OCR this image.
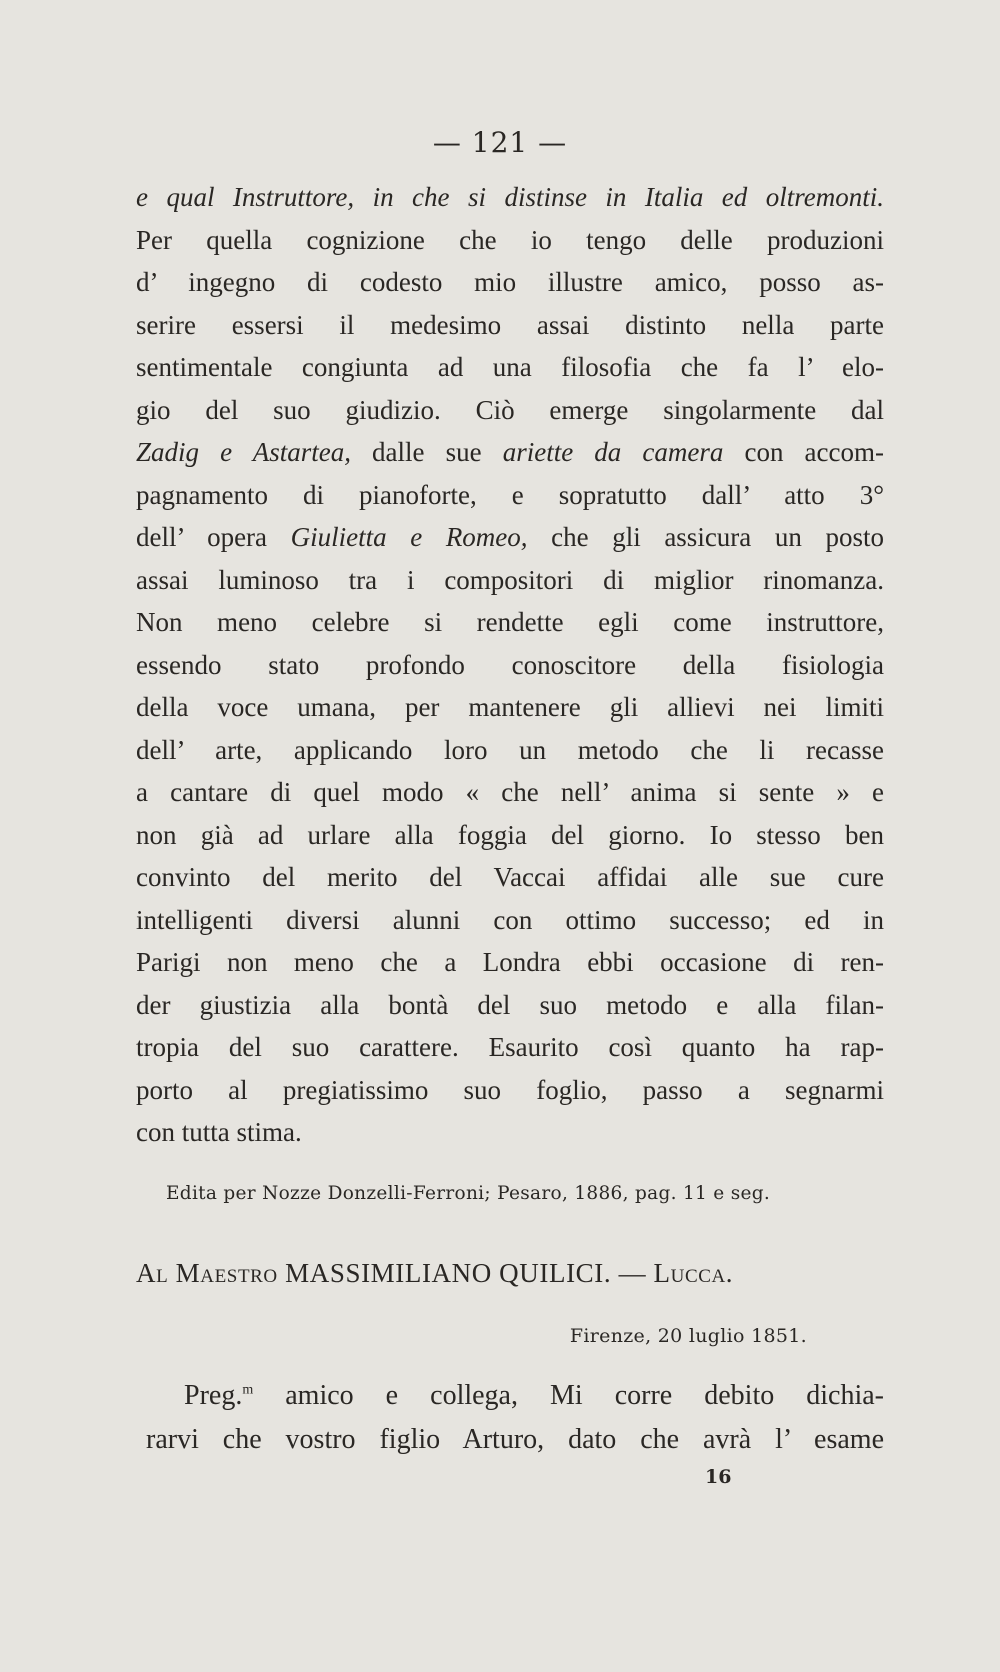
— 121 —
e qual Instruttore, in che si distinse in Italia ed oltremonti.
Per quella cognizione che io tengo delle produzioni
d’ ingegno di codesto mio illustre amico, posso as-
serire essersi il medesimo assai distinto nella parte
sentimentale congiunta ad una filosofia che fa l’ elo-
gio del suo giudizio. Ciò emerge singolarmente dal
Zadig e Astartea, dalle sue ariette da camera con accom-
pagnamento di pianoforte, e sopratutto dall’ atto 3°
dell’ opera Giulietta e Romeo, che gli assicura un posto
assai luminoso tra i compositori di miglior rinomanza.
Non meno celebre si rendette egli come instruttore,
essendo stato profondo conoscitore della fisiologia
della voce umana, per mantenere gli allievi nei limiti
dell’ arte, applicando loro un metodo che li recasse
a cantare di quel modo « che nell’ anima si sente » e
non già ad urlare alla foggia del giorno. Io stesso ben
convinto del merito del Vaccai affidai alle sue cure
intelligenti diversi alunni con ottimo successo; ed in
Parigi non meno che a Londra ebbi occasione di ren-
der giustizia alla bontà del suo metodo e alla filan-
tropia del suo carattere. Esaurito così quanto ha rap-
porto al pregiatissimo suo foglio, passo a segnarmi
con tutta stima.
Edita per Nozze Donzelli-Ferroni; Pesaro, 1886, pag. 11 e seg.
Al Maestro MASSIMILIANO QUILICI. — Lucca.
Firenze, 20 luglio 1851.
Preg.$^m$ amico e collega, Mi corre debito dichia-
rarvi che vostro figlio Arturo, dato che avrà l’ esame
16
